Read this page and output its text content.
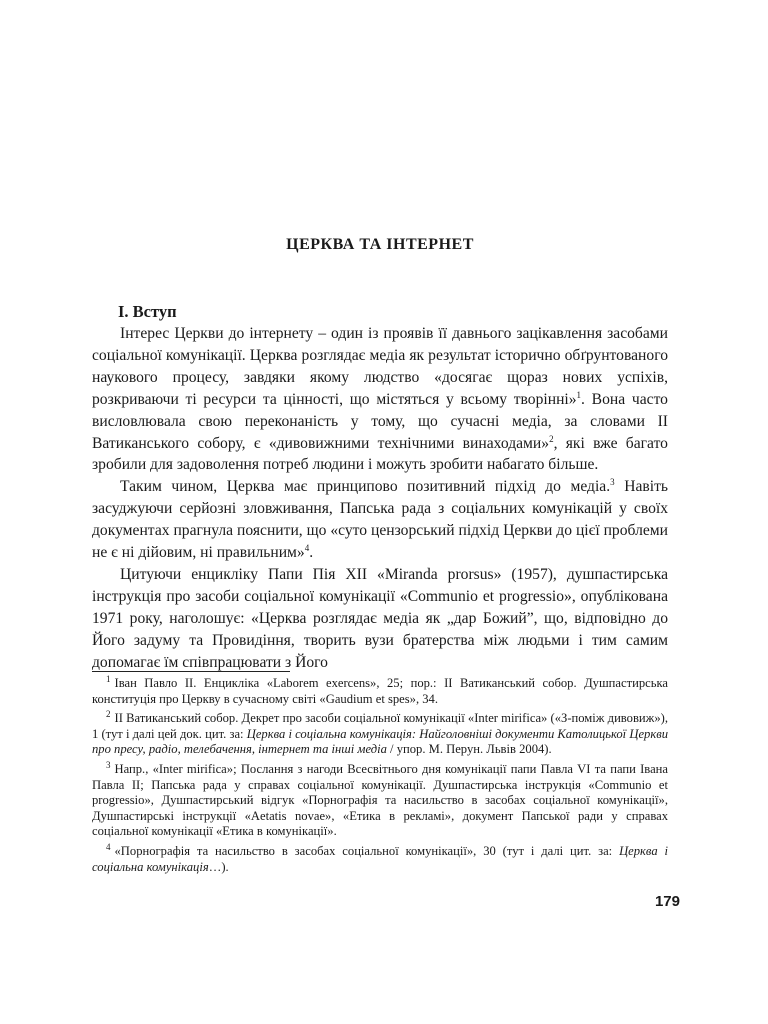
ЦЕРКВА ТА ІНТЕРНЕТ
І. Вступ

Інтерес Церкви до інтернету – один із проявів її давнього зацікавлення засобами соціальної комунікації. Церква розглядає медіа як результат історично обґрунтованого наукового процесу, завдяки якому людство «досягає щораз нових успіхів, розкриваючи ті ресурси та цінності, що містяться у всьому творінні»$^1$. Вона часто висловлювала свою переконаність у тому, що сучасні медіа, за словами ІІ Ватиканського собору, є «дивовижними технічними винаходами»$^2$, які вже багато зробили для задоволення потреб людини і можуть зробити набагато більше.

Таким чином, Церква має принципово позитивний підхід до медіа.$^3$ Навіть засуджуючи серйозні зловживання, Папська рада з соціальних комунікацій у своїх документах прагнула пояснити, що «суто цензорський підхід Церкви до цієї проблеми не є ні дійовим, ні правильним»$^4$.

Цитуючи енцикліку Папи Пія ХІІ «Miranda prorsus» (1957), душпастирська інструкція про засоби соціальної комунікації «Communio et progressio», опублікована 1971 року, наголошує: «Церква розглядає медіа як „дар Божий”, що, відповідно до Його задуму та Провидіння, творить вузи братерства між людьми і тим самим допомагає їм співпрацювати з Його

$^1$ Іван Павло ІІ. Енцикліка «Laborem exercens», 25; пор.: ІІ Ватиканський собор. Душпастирська конституція про Церкву в сучасному світі «Gaudium et spes», 34.

$^2$ ІІ Ватиканський собор. Декрет про засоби соціальної комунікації «Inter mirifica» («З-поміж дивовиж»), 1 (тут і далі цей док. цит. за: Церква і соціальна комунікація: Найголовніші документи Католицької Церкви про пресу, радіо, телебачення, інтернет та інші медіа / упор. М. Перун. Львів 2004).

$^3$ Напр., «Inter mirifica»; Послання з нагоди Всесвітнього дня комунікації папи Павла VI та папи Івана Павла ІІ; Папська рада у справах соціальної комунікації. Душпастирська інструкція «Communio et progressio», Душпастирський відгук «Порнографія та насильство в засобах соціальної комунікації», Душпастирські інструкції «Aetatis novae», «Етика в рекламі», документ Папської ради у справах соціальної комунікації «Етика в комунікації».

$^4$ «Порнографія та насильство в засобах соціальної комунікації», 30 (тут і далі цит. за: Церква і соціальна комунікація…).

179
